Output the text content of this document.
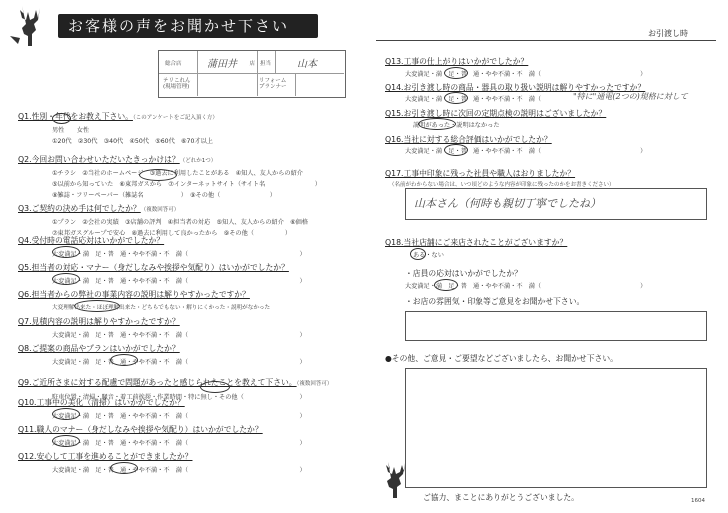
お客様の声をお聞かせ下さい	お引渡し時
総合店	蒲田井 店 担当	山本
テリこれん
(現場管理)
リフォーム
プランナー
Q1.性別・年代をお教え下さい。（このアンケートをご記入頂く方）
男性　　女性
①20代　②30代　③40代　④50代　⑤60代　⑥70才以上
Q2.今回お問い合わせいただいたきっかけは？（どれか1つ）
①チラシ　②当社のホームページ　③過去に利用したことがある　④知人、友人からの紹介
⑤以前から知っていた　⑥東邦ガスから　⑦インターネットサイト（サイト名　　　　　　　　）
⑧雑誌・フリーペーパー（雑誌名　　　　　　）　⑨その他（　　　　　　　　）
Q3.ご契約の決め手は何でしたか？（複数回答可）
①プラン　②会社の実績　③店舗の評判　④担当者の対応　⑤知人、友人からの紹介　⑥価格
⑦東邦ガスグループで安心　⑧過去に利用して良かったから　⑨その他（　　　　　）
Q4.受付時の電話応対はいかがでしたか？
大変満足・満　足・普　通・やや不満・不　満（　　　　　　　　　　　　　　　　　　）
Q5.担当者の対応・マナー（身だしなみや挨拶や気配り）はいかがでしたか？
大変満足・満　足・普　通・やや不満・不　満（　　　　　　　　　　　　　　　　　　）
Q6.担当者からの弊社の事業内容の説明は解りやすかったですか？
大変理解出来た・ほぼ理解出来た・どちらでもない・解りにくかった・説明がなかった
Q7.見積内容の説明は解りやすかったですか？
大変満足・満　足・普　通・やや不満・不　満（　　　　　　　　　　　　　　　　　　）
Q8.ご提案の商品やプランはいかがでしたか？
大変満足・満　足・普　通・やや不満・不　満（　　　　　　　　　　　　　　　　　　）
Q9.ご近所さまに対する配慮で問題があったと感じられたことを教えて下さい。（複数回答可）
駐車位置・清掃・騒音・着工前挨拶・作業時間・特に無し・その他（　　　　　　　　　）
Q10.工事中の美化（清掃）はいかがでしたか？
大変満足・満　足・普　通・やや不満・不　満（　　　　　　　　　　　　　　　　　　）
Q11.職人のマナー（身だしなみや挨拶や気配り）はいかがでしたか？
大変満足・満　足・普　通・やや不満・不　満（　　　　　　　　　　　　　　　　　　）
Q12.安心して工事を進めることができましたか？
大変満足・満　足・普　通・やや不満・不　満（　　　　　　　　　　　　　　　　　　）
Q13.工事の仕上がりはいかがでしたか？
大変満足・満　足・普　通・やや不満・不　満（　　　　　　　　　　　　　　　　）
Q14.お引き渡し時の商品・器具の取り扱い説明は解りやすかったですか？
大変満足・満　足・普　通・やや不満・不　満（	"特に"通電(2つの)規格に対して
Q15.お引き渡し時に次回の定期点検の説明はございましたか？
説明があった・説明はなかった
Q16.当社に対する総合評価はいかがでしたか？
大変満足・満　足・普　通・やや不満・不　満（　　　　　　　　　　　　　　　　）
Q17.工事中印象に残った社員や職人はおりましたか？
（名前がわからない場合は、いつ頃どのような内容が印象に残ったのかをお書きください）
山本さん（何時も親切丁寧でしたね）
Q18.当社店舗にご来店されたことがございますか？
ある・ない
・店員の応対はいかがでしたか？
大変満足・満　足・普　通・やや不満・不　満（　　　　　　　　　　　　　　　　）
・お店の雰囲気・印象等ご意見をお聞かせ下さい。
●その他、ご意見・ご要望などございましたら、お聞かせ下さい。
ご協力、まことにありがとうございました。	1604
